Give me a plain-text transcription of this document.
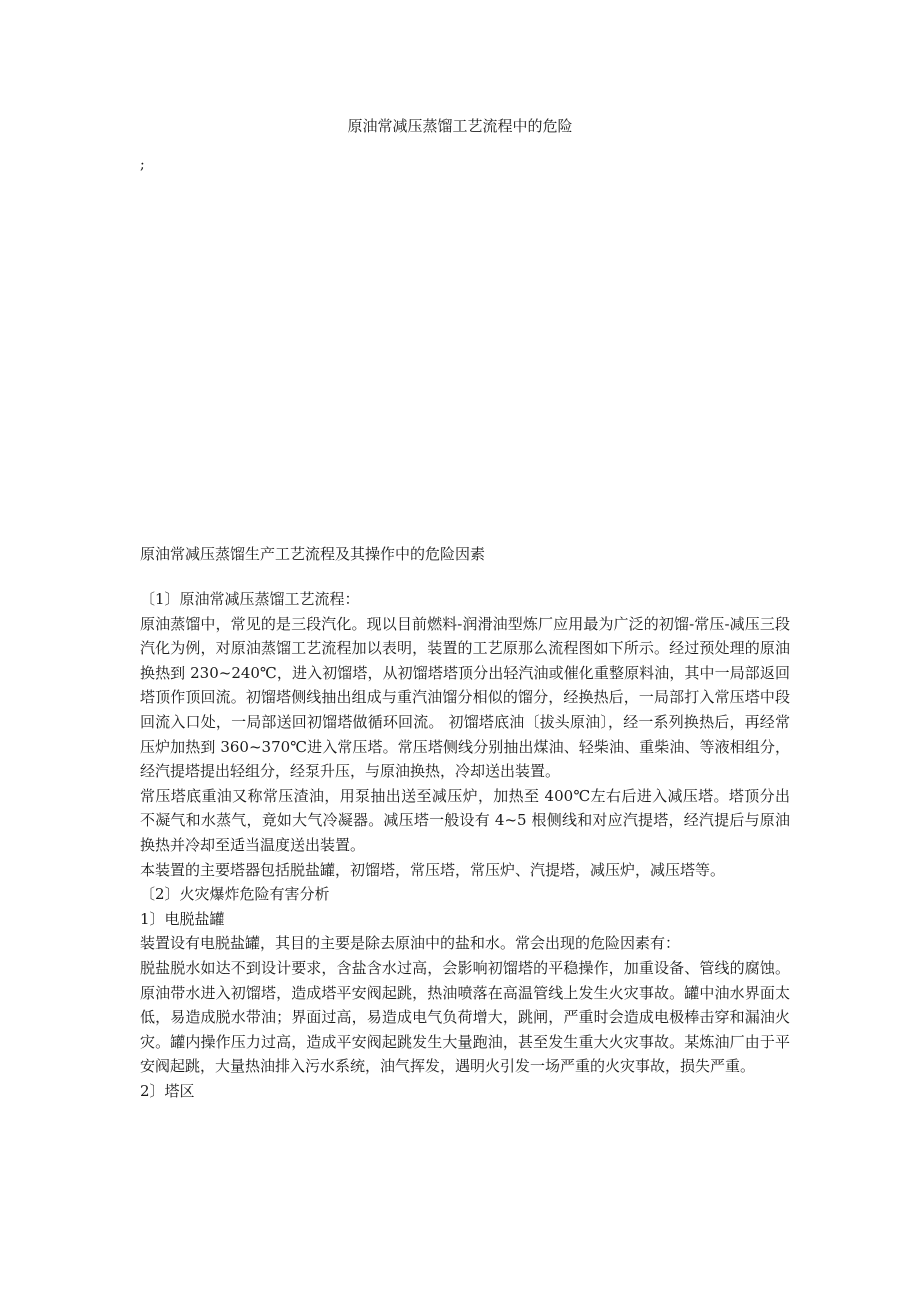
原油常减压蒸馏工艺流程中的危险
;

原油常减压蒸馏生产工艺流程及其操作中的危险因素

〔1〕原油常减压蒸馏工艺流程：

原油蒸馏中，常见的是三段汽化。现以目前燃料-润滑油型炼厂应用最为广泛的初馏-常压-减压三段汽化为例，对原油蒸馏工艺流程加以表明，装置的工艺原那么流程图如下所示。经过预处理的原油换热到 230~240℃，进入初馏塔，从初馏塔塔顶分出轻汽油或催化重整原料油，其中一局部返回塔顶作顶回流。初馏塔侧线抽出组成与重汽油馏分相似的馏分，经换热后，一局部打入常压塔中段回流入口处，一局部送回初馏塔做循环回流。 初馏塔底油〔拔头原油〕，经一系列换热后，再经常压炉加热到 360~370℃进入常压塔。常压塔侧线分别抽出煤油、轻柴油、重柴油、等液相组分，经汽提塔提出轻组分，经泵升压，与原油换热，冷却送出装置。

常压塔底重油又称常压渣油，用泵抽出送至减压炉，加热至 400℃左右后进入减压塔。塔顶分出不凝气和水蒸气，竟如大气冷凝器。减压塔一般设有 4~5 根侧线和对应汽提塔，经汽提后与原油换热并冷却至适当温度送出装置。

本装置的主要塔器包括脱盐罐，初馏塔，常压塔，常压炉、汽提塔，减压炉，减压塔等。

〔2〕火灾爆炸危险有害分析

1〕电脱盐罐

装置设有电脱盐罐，其目的主要是除去原油中的盐和水。常会出现的危险因素有：

脱盐脱水如达不到设计要求，含盐含水过高，会影响初馏塔的平稳操作，加重设备、管线的腐蚀。原油带水进入初馏塔，造成塔平安阀起跳，热油喷落在高温管线上发生火灾事故。罐中油水界面太低，易造成脱水带油；界面过高，易造成电气负荷增大，跳闸，严重时会造成电极棒击穿和漏油火灾。罐内操作压力过高，造成平安阀起跳发生大量跑油，甚至发生重大火灾事故。某炼油厂由于平安阀起跳，大量热油排入污水系统，油气挥发，遇明火引发一场严重的火灾事故，损失严重。

2〕塔区
